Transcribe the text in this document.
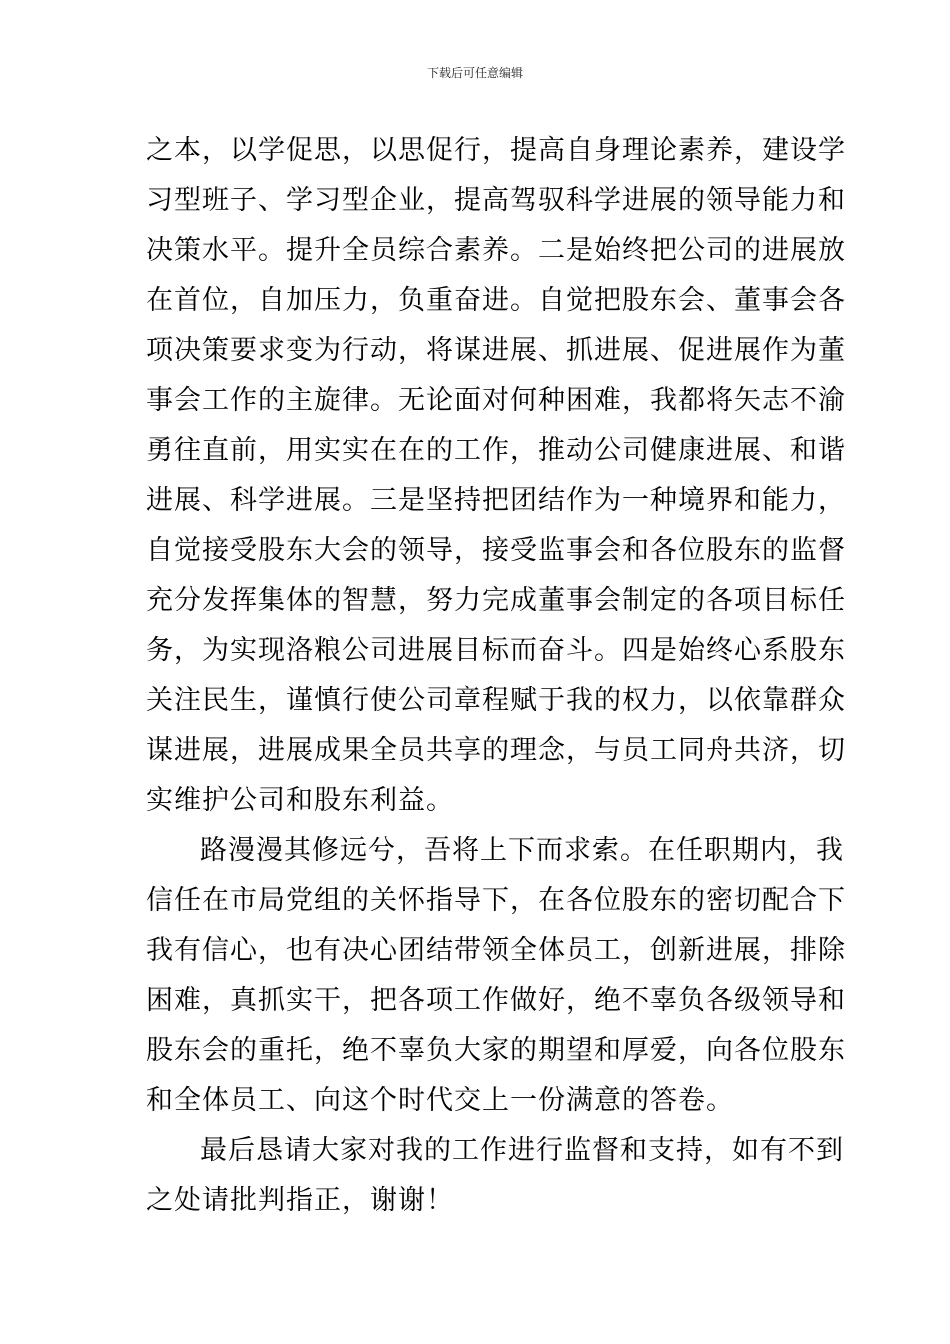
下载后可任意编辑
之本，以学促思，以思促行，提高自身理论素养，建设学
习型班子、学习型企业，提高驾驭科学进展的领导能力和
决策水平。提升全员综合素养。二是始终把公司的进展放
在首位，自加压力，负重奋进。自觉把股东会、董事会各
项决策要求变为行动，将谋进展、抓进展、促进展作为董
事会工作的主旋律。无论面对何种困难，我都将矢志不渝
勇往直前，用实实在在的工作，推动公司健康进展、和谐
进展、科学进展。三是坚持把团结作为一种境界和能力，
自觉接受股东大会的领导，接受监事会和各位股东的监督
充分发挥集体的智慧，努力完成董事会制定的各项目标任
务，为实现洛粮公司进展目标而奋斗。四是始终心系股东
关注民生，谨慎行使公司章程赋于我的权力，以依靠群众
谋进展，进展成果全员共享的理念，与员工同舟共济，切
实维护公司和股东利益。
路漫漫其修远兮，吾将上下而求索。在任职期内，我
信任在市局党组的关怀指导下，在各位股东的密切配合下
我有信心，也有决心团结带领全体员工，创新进展，排除
困难，真抓实干，把各项工作做好，绝不辜负各级领导和
股东会的重托，绝不辜负大家的期望和厚爱，向各位股东
和全体员工、向这个时代交上一份满意的答卷。
最后恳请大家对我的工作进行监督和支持，如有不到
之处请批判指正，谢谢！
